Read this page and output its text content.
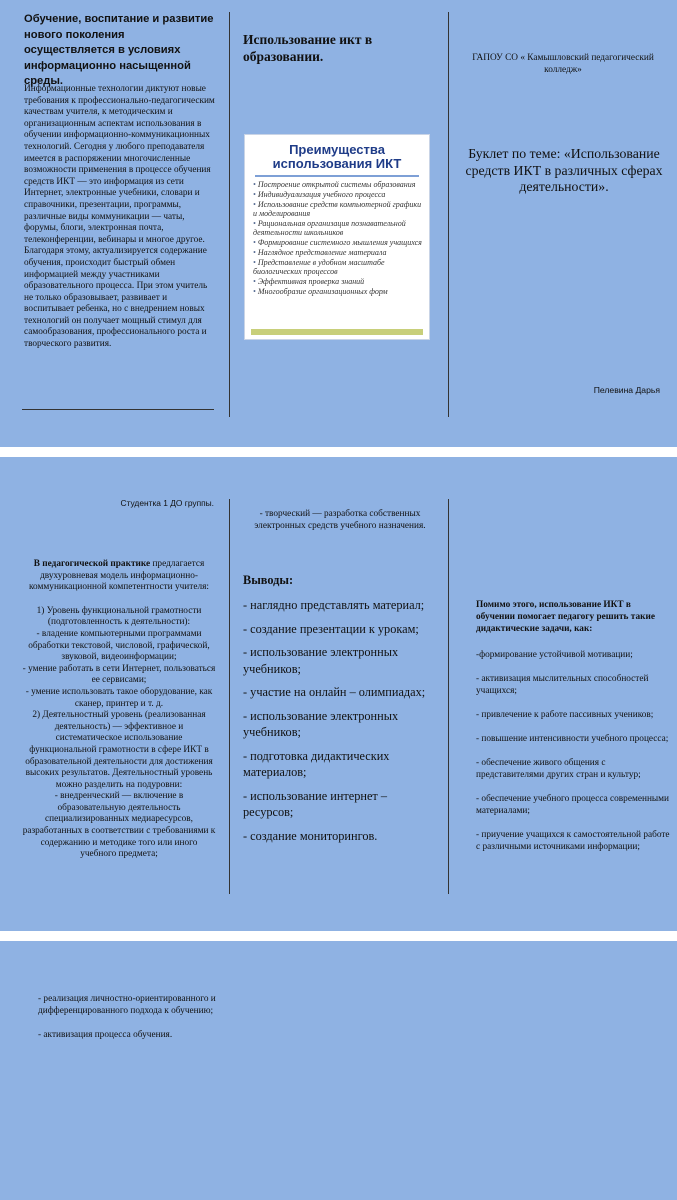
Обучение, воспитание и развитие нового поколения осуществляется в условиях информационно насыщенной среды.

Информационные технологии диктуют новые требования к профессионально-педагогическим качествам учителя, к методическим и организационным аспектам использования в обучении информационно-коммуникационных технологий. Сегодня у любого преподавателя имеется в распоряжении многочисленные возможности применения в процессе обучения средств ИКТ — это информация из сети Интернет, электронные учебники, словари и справочники, презентации, программы, различные виды коммуникации — чаты, форумы, блоги, электронная почта, телеконференции, вебинары и многое другое. Благодаря этому, актуализируется содержание обучения, происходит быстрый обмен информацией между участниками образовательного процесса. При этом учитель не только образовывает, развивает и воспитывает ребенка, но с внедрением новых технологий он получает мощный стимул для самообразования, профессионального роста и творческого развития.

Использование икт в образовании.

Преимущества использования ИКТ
• Построение открытой системы образования
• Индивидуализация учебного процесса
• Использование средств компьютерной графики и моделирования
• Рациональная организация познавательной деятельности школьников
• Формирование системного мышления учащихся
• Наглядное представление материала
• Представление в удобном масштабе биологических процессов
• Эффективная проверка знаний
• Многообразие организационных форм

ГАПОУ СО « Камышловский педагогический колледж»

Буклет по теме: «Использование средств ИКТ в различных сферах деятельности».

Пелевина Дарья

Студентка 1 ДО группы.

В педагогической практике предлагается двухуровневая модель информационно-коммуникационной компетентности учителя:

1) Уровень функциональной грамотности (подготовленность к деятельности):

- владение компьютерными программами обработки текстовой, числовой, графической, звуковой, видеоинформации;

- умение работать в сети Интернет, пользоваться ее сервисами;

- умение использовать такое оборудование, как сканер, принтер и т. д.

2) Деятельностный уровень (реализованная деятельность) — эффективное и систематическое использование функциональной грамотности в сфере ИКТ в образовательной деятельности для достижения высоких результатов. Деятельностный уровень можно разделить на подуровни:

- внедренческий — включение в образовательную деятельность специализированных медиаресурсов, разработанных в соответствии с требованиями к содержанию и методике того или иного учебного предмета;

- творческий — разработка собственных электронных средств учебного назначения.

Выводы:

- наглядно представлять материал;
- создание презентации к урокам;
- использование электронных учебников;
- участие на онлайн – олимпиадах;
- использование электронных учебников;
- подготовка дидактических материалов;
- использование интернет – ресурсов;
- создание мониторингов.

Помимо этого, использование ИКТ в обучении помогает педагогу решить такие дидактические задачи, как:

-формирование устойчивой мотивации;
- активизация мыслительных способностей учащихся;
- привлечение к работе пассивных учеников;
- повышение интенсивности учебного процесса;
- обеспечение живого общения с представителями других стран и культур;
- обеспечение учебного процесса современными материалами;
- приучение учащихся к самостоятельной работе с различными источниками информации;
- реализация личностно-ориентированного и дифференцированного подхода к обучению;
- активизация процесса обучения.
